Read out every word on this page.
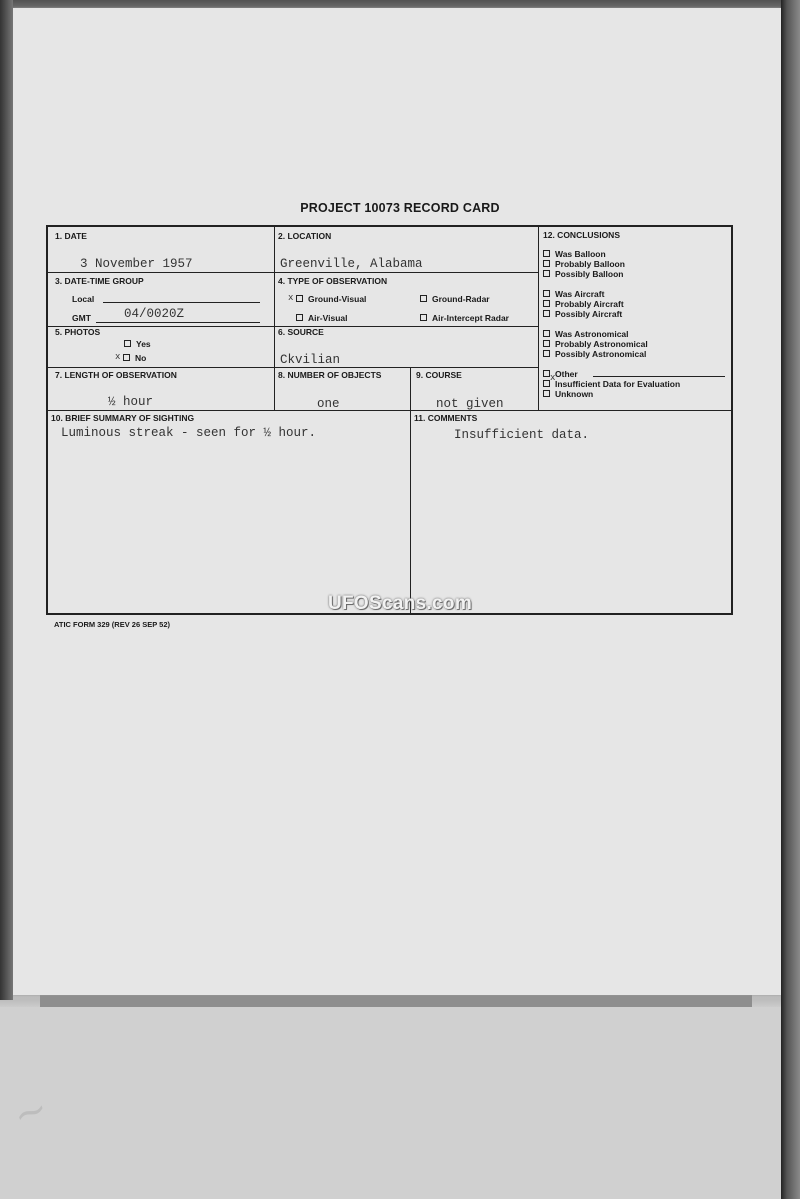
PROJECT 10073 RECORD CARD
1. DATE
3 November 1957
2. LOCATION
Greenville, Alabama
3. DATE-TIME GROUP
Local
GMT	04/0020Z
4. TYPE OF OBSERVATION
x	Ground-Visual	Ground-Radar
Air-Visual	Air-Intercept Radar
5. PHOTOS
Yes
x	No
6. SOURCE
Ckvilian
7. LENGTH OF OBSERVATION
½ hour
8. NUMBER OF OBJECTS
one
9. COURSE
not given
10. BRIEF SUMMARY OF SIGHTING
Luminous streak - seen for ½ hour.
11. COMMENTS
Insufficient data.
12. CONCLUSIONS
Was Balloon
Probably Balloon
Possibly Balloon
Was Aircraft
Probably Aircraft
Possibly Aircraft
Was Astronomical
Probably Astronomical
Possibly Astronomical
Other
x
Insufficient Data for Evaluation
Unknown
UFOScans.com
ATIC FORM 329 (REV 26 SEP 52)
~
